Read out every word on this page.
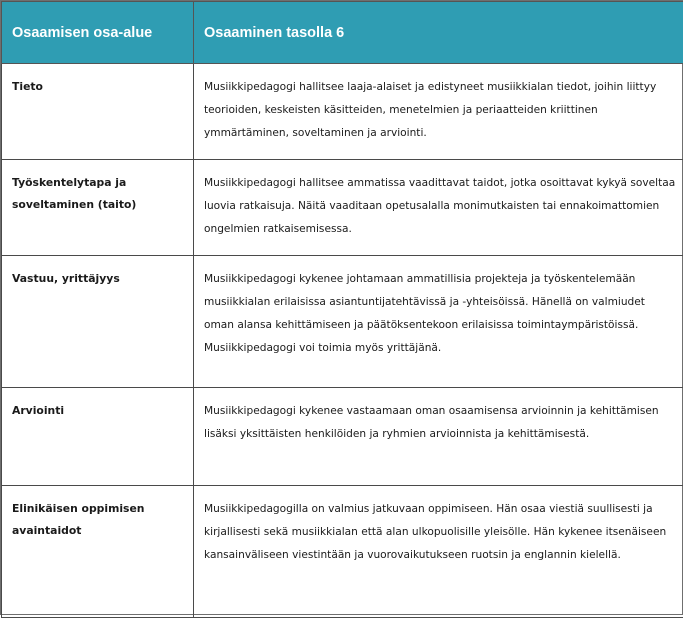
Osaamisen osa-alue	Osaaminen tasolla 6
Tieto	Musiikkipedagogi hallitsee laaja-alaiset ja edistyneet musiikkialan tiedot, joihin liittyy teorioiden, keskeisten käsitteiden, menetelmien ja periaatteiden kriittinen ymmärtäminen, soveltaminen ja arviointi.
Työskentelytapa ja soveltaminen (taito)	Musiikkipedagogi hallitsee ammatissa vaadittavat taidot, jotka osoittavat kykyä soveltaa luovia ratkaisuja. Näitä vaaditaan opetusalalla monimutkaisten tai ennakoimattomien ongelmien ratkaisemisessa.
Vastuu, yrittäjyys	Musiikkipedagogi kykenee johtamaan ammatillisia projekteja ja työskentelemään musiikkialan erilaisissa asiantuntijatehtävissä ja -yhteisöissä. Hänellä on valmiudet oman alansa kehittämiseen ja päätöksentekoon erilaisissa toimintaympäristöissä. Musiikkipedagogi voi toimia myös yrittäjänä.
Arviointi	Musiikkipedagogi kykenee vastaamaan oman osaamisensa arvioinnin ja kehittämisen lisäksi yksittäisten henkilöiden ja ryhmien arvioinnista ja kehittämisestä.
Elinikäisen oppimisen avaintaidot	Musiikkipedagogilla on valmius jatkuvaan oppimiseen. Hän osaa viestiä suullisesti ja kirjallisesti sekä musiikkialan että alan ulkopuolisille yleisölle. Hän kykenee itsenäiseen kansainväliseen viestintään ja vuorovaikutukseen ruotsin ja englannin kielellä.
